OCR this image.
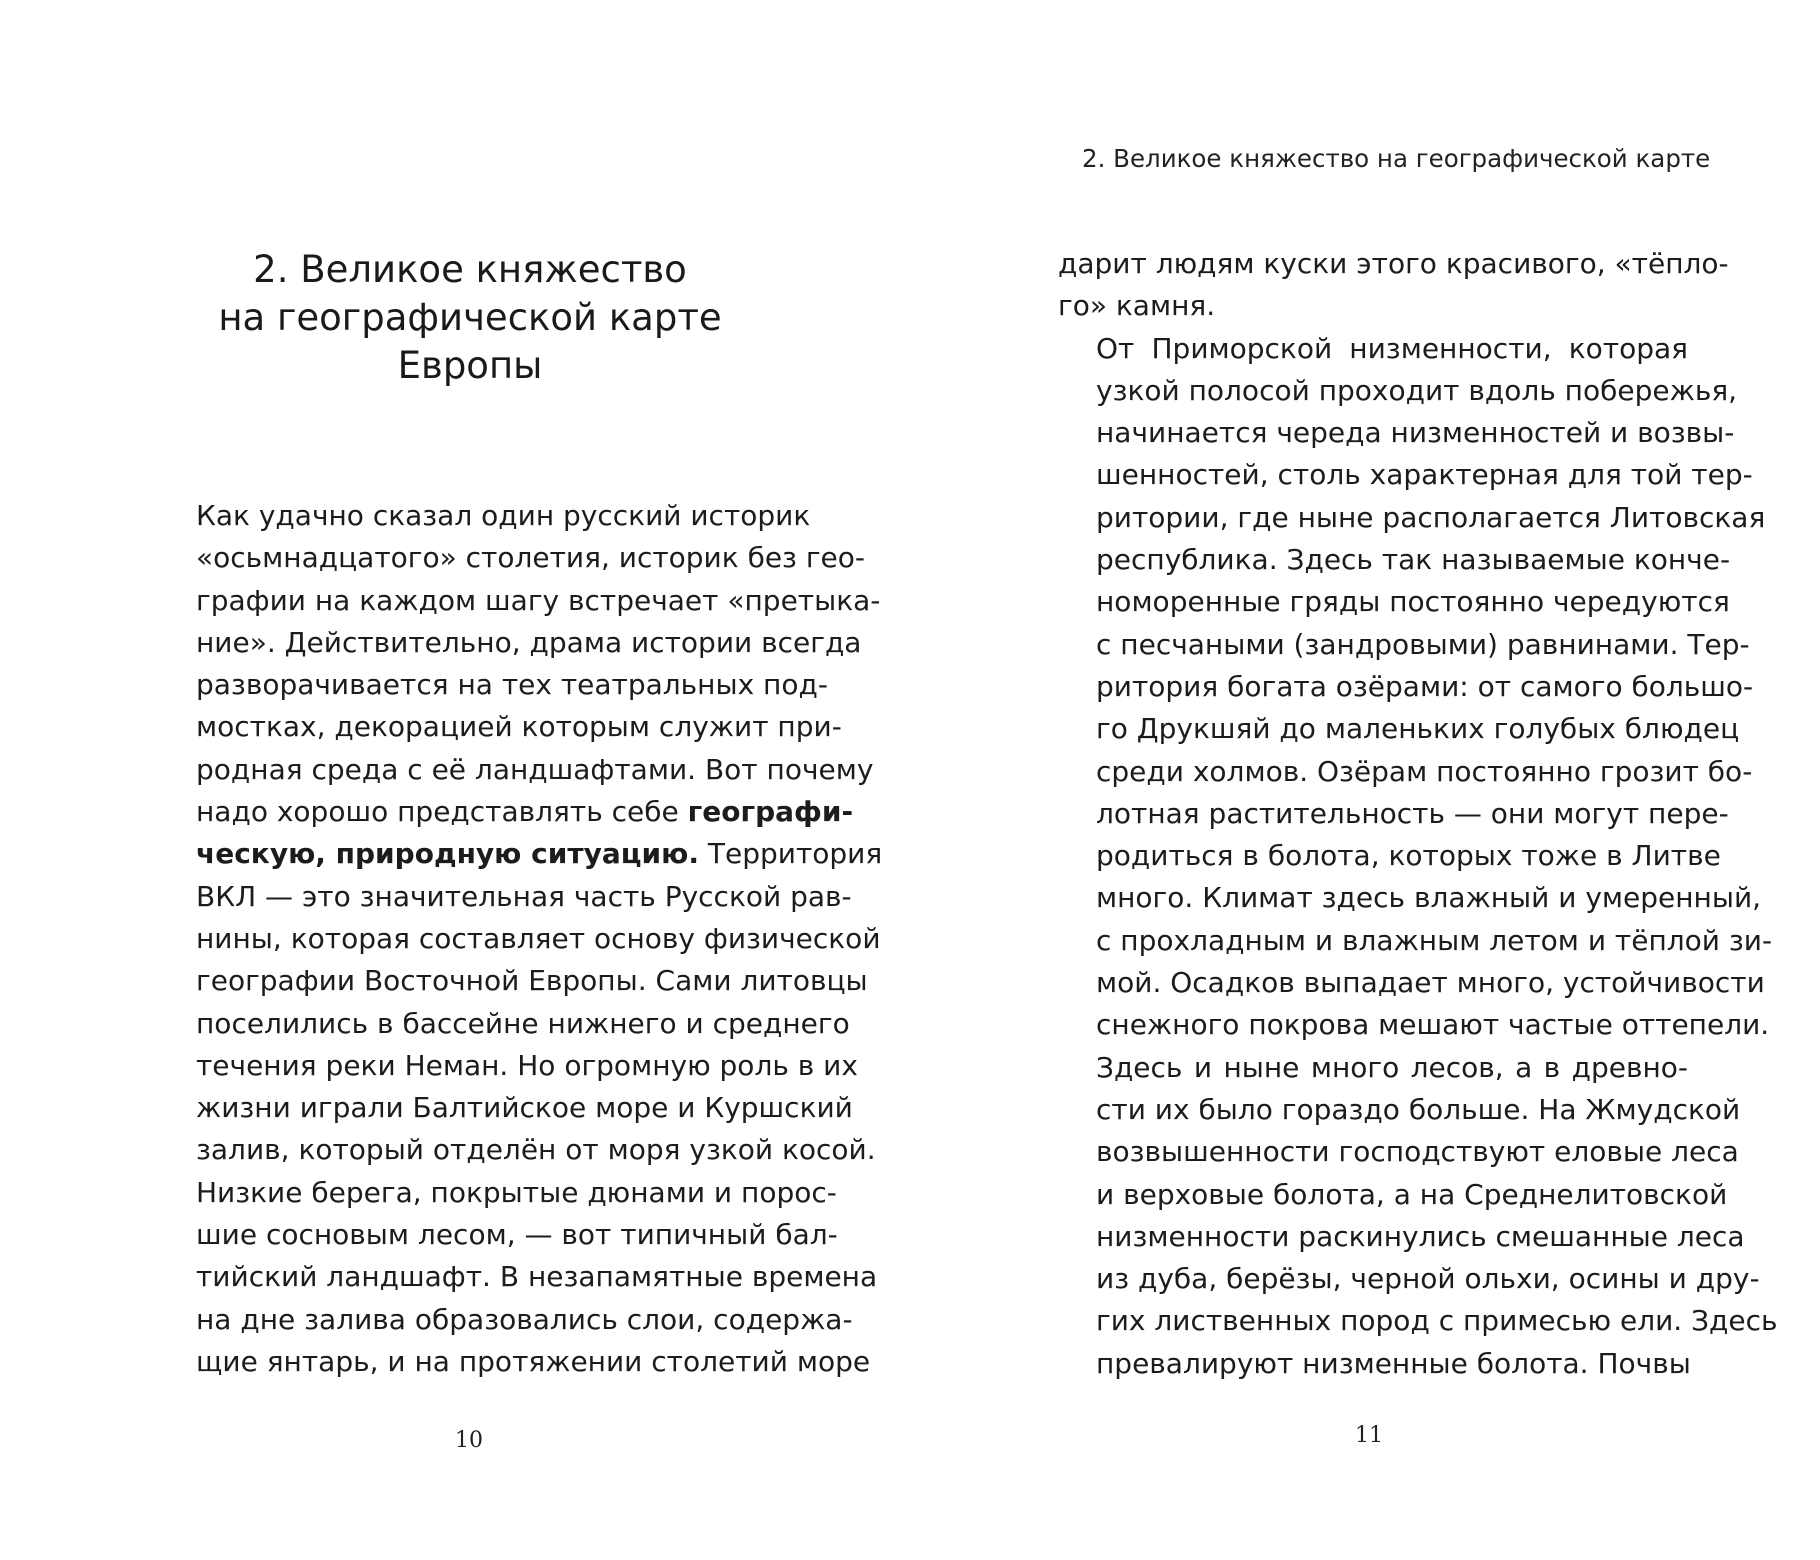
2. Великое княжество
на географической карте Европы

Как удачно сказал один русский историк
«осьмнадцатого» столетия, историк без гео-
графии на каждом шагу встречает «претыка-
ние». Действительно, драма истории всегда
разворачивается на тех театральных под-
мостках, декорацией которым служит при-
родная среда с её ландшафтами. Вот почему
надо хорошо представлять себе географи-
ческую, природную ситуацию. Территория
ВКЛ — это значительная часть Русской рав-
нины, которая составляет основу физической
географии Восточной Европы. Сами литовцы
поселились в бассейне нижнего и среднего
течения реки Неман. Но огромную роль в их
жизни играли Балтийское море и Куршский
залив, который отделён от моря узкой косой.
Низкие берега, покрытые дюнами и порос-
шие сосновым лесом, — вот типичный бал-
тийский ландшафт. В незапамятные времена
на дне залива образовались слои, содержа-
щие янтарь, и на протяжении столетий море

10
2. Великое княжество на географической карте

дарит людям куски этого красивого, «тёпло-
го» камня.

От Приморской низменности, которая
узкой полосой проходит вдоль побережья,
начинается череда низменностей и возвы-
шенностей, столь характерная для той тер-
ритории, где ныне располагается Литовская
республика. Здесь так называемые конче-
номоренные гряды постоянно чередуются
с песчаными (зандровыми) равнинами. Тер-
ритория богата озёрами: от самого большо-
го Друкшяй до маленьких голубых блюдец
среди холмов. Озёрам постоянно грозит бо-
лотная растительность — они могут пере-
родиться в болота, которых тоже в Литве
много. Климат здесь влажный и умеренный,
с прохладным и влажным летом и тёплой зи-
мой. Осадков выпадает много, устойчивости
снежного покрова мешают частые оттепели.

Здесь и ныне много лесов, а в древно-
сти их было гораздо больше. На Жмудской
возвышенности господствуют еловые леса
и верховые болота, а на Среднелитовской
низменности раскинулись смешанные леса
из дуба, берёзы, черной ольхи, осины и дру-
гих лиственных пород с примесью ели. Здесь
превалируют низменные болота. Почвы

11
